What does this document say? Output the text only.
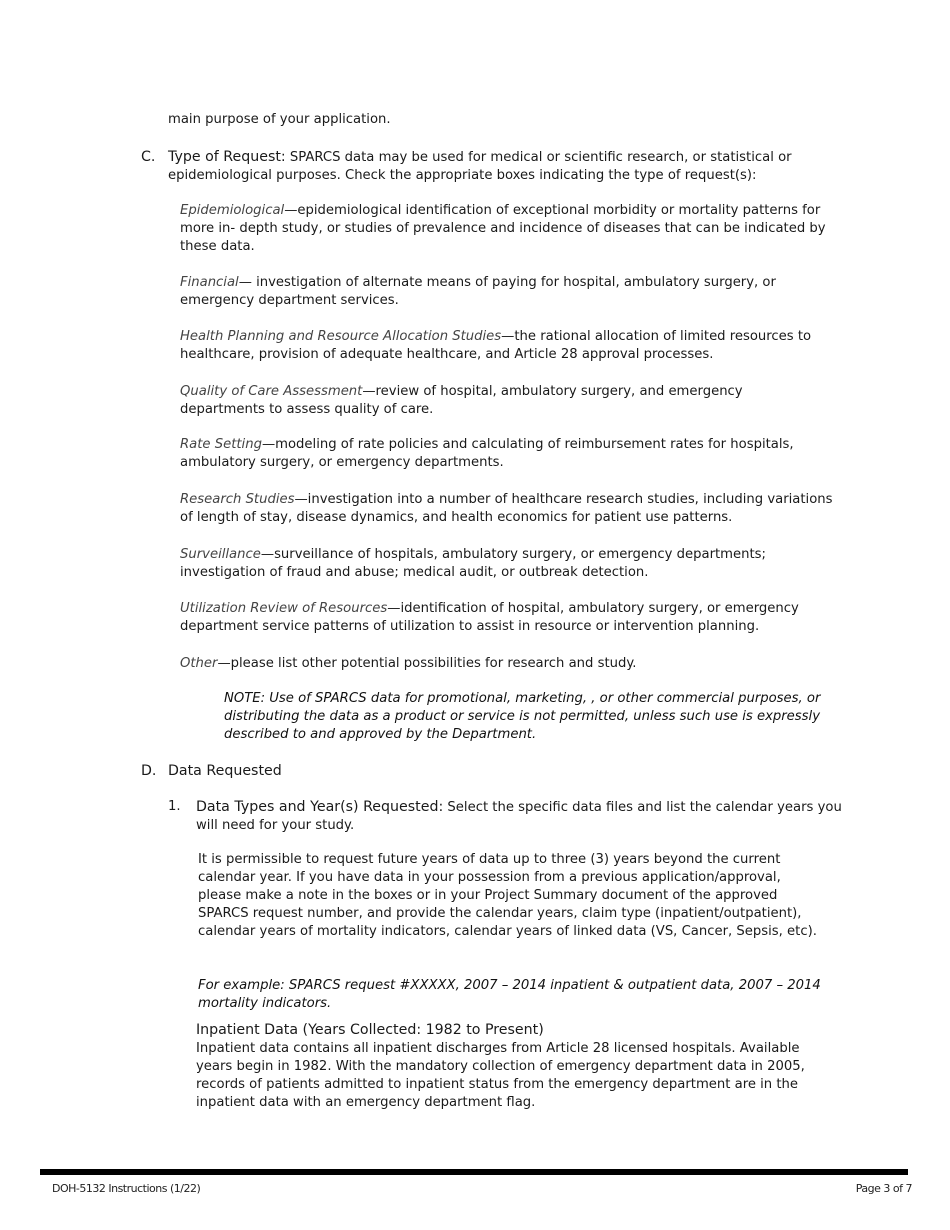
main purpose of your application.

C. Type of Request: SPARCS data may be used for medical or scientific research, or statistical or epidemiological purposes. Check the appropriate boxes indicating the type of request(s):

Epidemiological—epidemiological identification of exceptional morbidity or mortality patterns for more in- depth study, or studies of prevalence and incidence of diseases that can be indicated by these data.

Financial— investigation of alternate means of paying for hospital, ambulatory surgery, or emergency department services.

Health Planning and Resource Allocation Studies—the rational allocation of limited resources to healthcare, provision of adequate healthcare, and Article 28 approval processes.

Quality of Care Assessment—review of hospital, ambulatory surgery, and emergency departments to assess quality of care.

Rate Setting—modeling of rate policies and calculating of reimbursement rates for hospitals, ambulatory surgery, or emergency departments.

Research Studies—investigation into a number of healthcare research studies, including variations of length of stay, disease dynamics, and health economics for patient use patterns.

Surveillance—surveillance of hospitals, ambulatory surgery, or emergency departments; investigation of fraud and abuse; medical audit, or outbreak detection.

Utilization Review of Resources—identification of hospital, ambulatory surgery, or emergency department service patterns of utilization to assist in resource or intervention planning.

Other—please list other potential possibilities for research and study.

NOTE: Use of SPARCS data for promotional, marketing, , or other commercial purposes, or distributing the data as a product or service is not permitted, unless such use is expressly described to and approved by the Department.

D. Data Requested
1. Data Types and Year(s) Requested: Select the specific data files and list the calendar years you will need for your study.

It is permissible to request future years of data up to three (3) years beyond the current calendar year. If you have data in your possession from a previous application/approval, please make a note in the boxes or in your Project Summary document of the approved SPARCS request number, and provide the calendar years, claim type (inpatient/outpatient), calendar years of mortality indicators, calendar years of linked data (VS, Cancer, Sepsis, etc).

For example: SPARCS request #XXXXX, 2007 – 2014 inpatient & outpatient data, 2007 – 2014 mortality indicators.

Inpatient Data (Years Collected: 1982 to Present)

Inpatient data contains all inpatient discharges from Article 28 licensed hospitals. Available years begin in 1982. With the mandatory collection of emergency department data in 2005, records of patients admitted to inpatient status from the emergency department are in the inpatient data with an emergency department flag.

DOH-5132 Instructions (1/22)	Page 3 of 7
